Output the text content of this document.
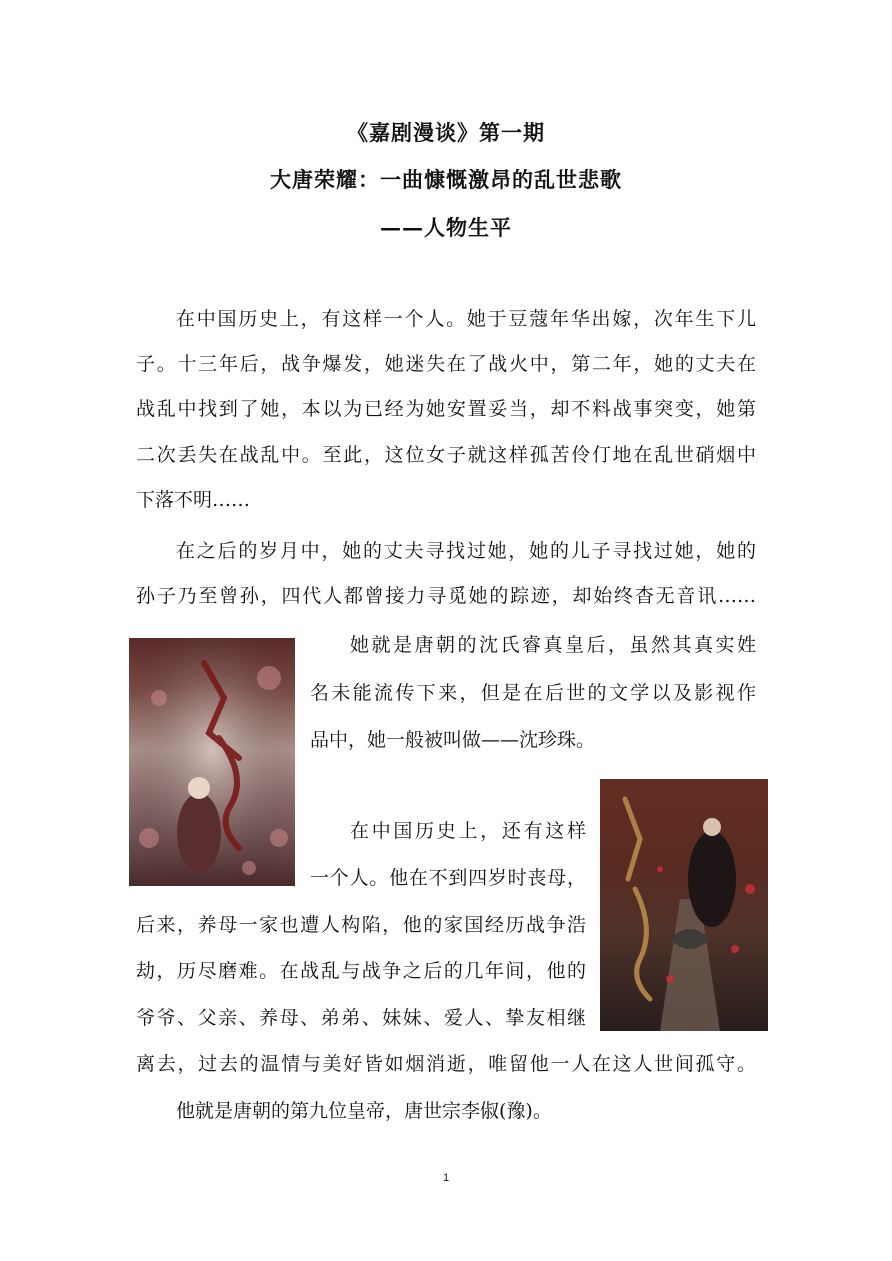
《嘉剧漫谈》第一期
大唐荣耀：一曲慷慨激昂的乱世悲歌
——人物生平

在中国历史上，有这样一个人。她于豆蔻年华出嫁，次年生下儿

子。十三年后，战争爆发，她迷失在了战火中，第二年，她的丈夫在

战乱中找到了她，本以为已经为她安置妥当，却不料战事突变，她第

二次丢失在战乱中。至此，这位女子就这样孤苦伶仃地在乱世硝烟中

下落不明……

在之后的岁月中，她的丈夫寻找过她，她的儿子寻找过她，她的

孙子乃至曾孙，四代人都曾接力寻觅她的踪迹，却始终杳无音讯……

她就是唐朝的沈氏睿真皇后，虽然其真实姓

名未能流传下来，但是在后世的文学以及影视作

品中，她一般被叫做——沈珍珠。

在中国历史上，还有这样

一个人。他在不到四岁时丧母，

后来，养母一家也遭人构陷，他的家国经历战争浩

劫，历尽磨难。在战乱与战争之后的几年间，他的

爷爷、父亲、养母、弟弟、妹妹、爱人、挚友相继

离去，过去的温情与美好皆如烟消逝，唯留他一人在这人世间孤守。

他就是唐朝的第九位皇帝，唐世宗李俶(豫)。

1
